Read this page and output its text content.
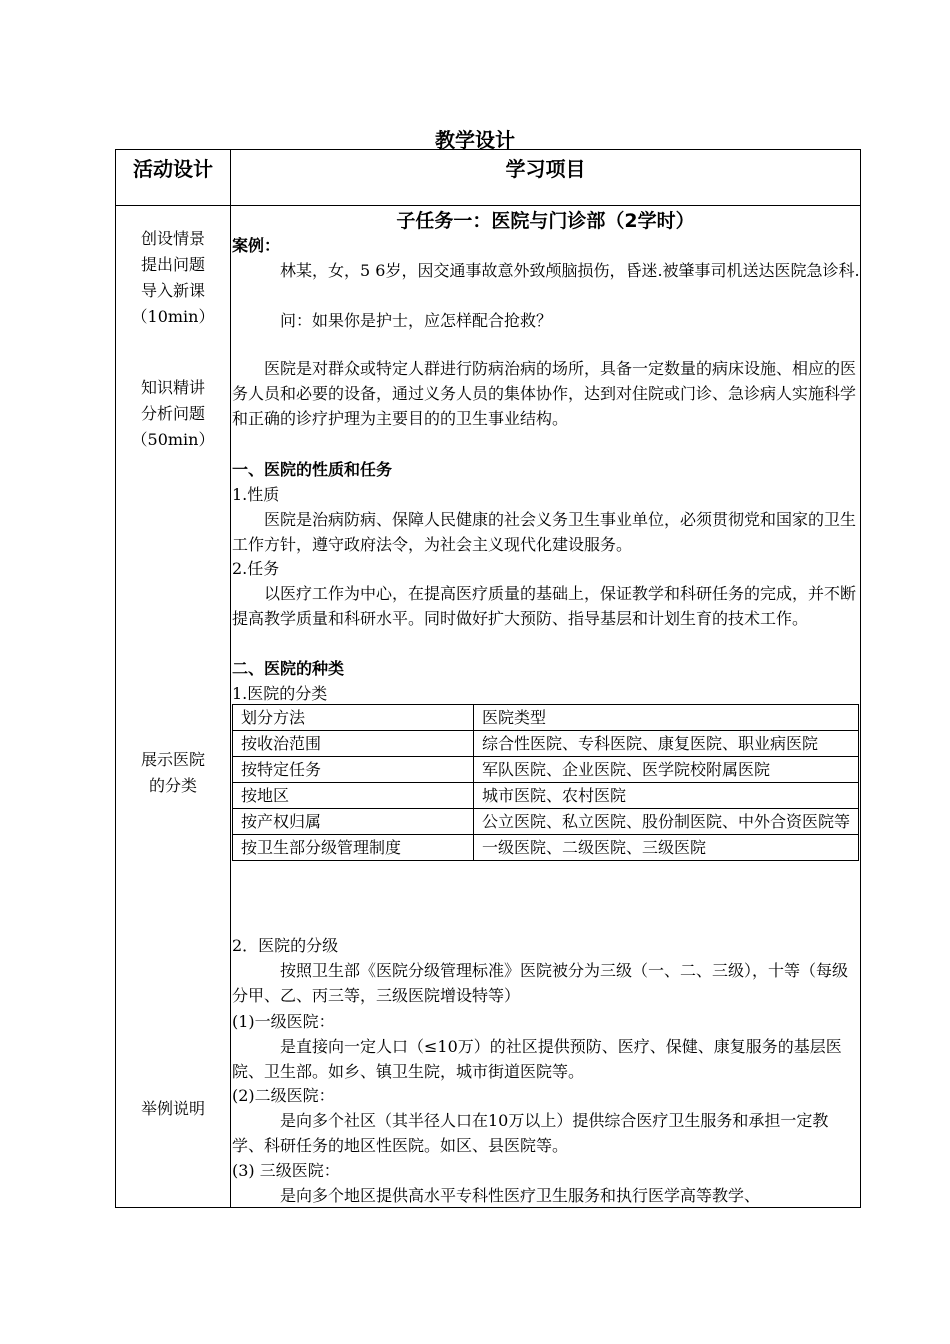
教学设计
活动设计	学习项目
创设情景
提出问题
导入新课
（10min）
知识精讲
分析问题
（50min）
展示医院
的分类
举例说明
子任务一：医院与门诊部（2学时）
案例：

林某，女，5 6岁，因交通事故意外致颅脑损伤，昏迷.被肇事司机送达医院急诊科.

问：如果你是护士，应怎样配合抢救？

医院是对群众或特定人群进行防病治病的场所，具备一定数量的病床设施、相应的医务人员和必要的设备，通过义务人员的集体协作，达到对住院或门诊、急诊病人实施科学和正确的诊疗护理为主要目的的卫生事业结构。

一、医院的性质和任务
1.性质

医院是治病防病、保障人民健康的社会义务卫生事业单位，必须贯彻党和国家的卫生工作方针，遵守政府法令，为社会主义现代化建设服务。

2.任务

以医疗工作为中心，在提高医疗质量的基础上，保证教学和科研任务的完成，并不断提高教学质量和科研水平。同时做好扩大预防、指导基层和计划生育的技术工作。

二、医院的种类
1.医院的分类
划分方法	医院类型
按收治范围	综合性医院、专科医院、康复医院、职业病医院
按特定任务	军队医院、企业医院、医学院校附属医院
按地区	城市医院、农村医院
按产权归属	公立医院、私立医院、股份制医院、中外合资医院等
按卫生部分级管理制度	一级医院、二级医院、三级医院
2．医院的分级

按照卫生部《医院分级管理标准》医院被分为三级（一、二、三级），十等（每级分甲、乙、丙三等，三级医院增设特等）

(1)一级医院：

是直接向一定人口（≤10万）的社区提供预防、医疗、保健、康复服务的基层医院、卫生部。如乡、镇卫生院，城市街道医院等。

(2)二级医院：

是向多个社区（其半径人口在10万以上）提供综合医疗卫生服务和承担一定教学、科研任务的地区性医院。如区、县医院等。

(3) 三级医院：

是向多个地区提供高水平专科性医疗卫生服务和执行医学高等教学、
